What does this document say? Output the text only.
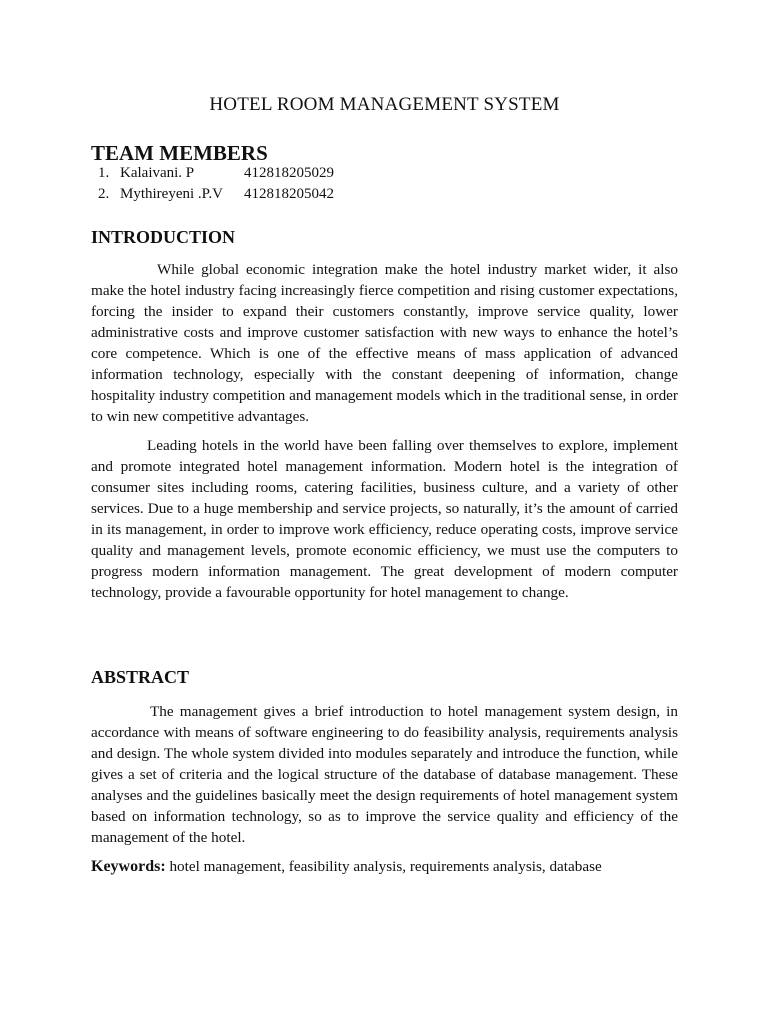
HOTEL ROOM MANAGEMENT SYSTEM
TEAM MEMBERS
1. Kalaivani. P	412818205029
2. Mythireyeni .P.V	412818205042
INTRODUCTION

While global economic integration make the hotel industry market wider, it also make the hotel industry facing increasingly fierce competition and rising customer expectations, forcing the insider to expand their customers constantly, improve service quality, lower administrative costs and improve customer satisfaction with new ways to enhance the hotel’s core competence. Which is one of the effective means of mass application of advanced information technology, especially with the constant deepening of information, change hospitality industry competition and management models which in the traditional sense, in order to win new competitive advantages.

Leading hotels in the world have been falling over themselves to explore, implement and promote integrated hotel management information. Modern hotel is the integration of consumer sites including rooms, catering facilities, business culture, and a variety of other services. Due to a huge membership and service projects, so naturally, it’s the amount of carried in its management, in order to improve work efficiency, reduce operating costs, improve service quality and management levels, promote economic efficiency, we must use the computers to progress modern information management. The great development of modern computer technology, provide a favourable opportunity for hotel management to change.

ABSTRACT

The management gives a brief introduction to hotel management system design, in accordance with means of software engineering to do feasibility analysis, requirements analysis and design. The whole system divided into modules separately and introduce the function, while gives a set of criteria and the logical structure of the database of database management. These analyses and the guidelines basically meet the design requirements of hotel management system based on information technology, so as to improve the service quality and efficiency of the management of the hotel.

Keywords: hotel management, feasibility analysis, requirements analysis, database
